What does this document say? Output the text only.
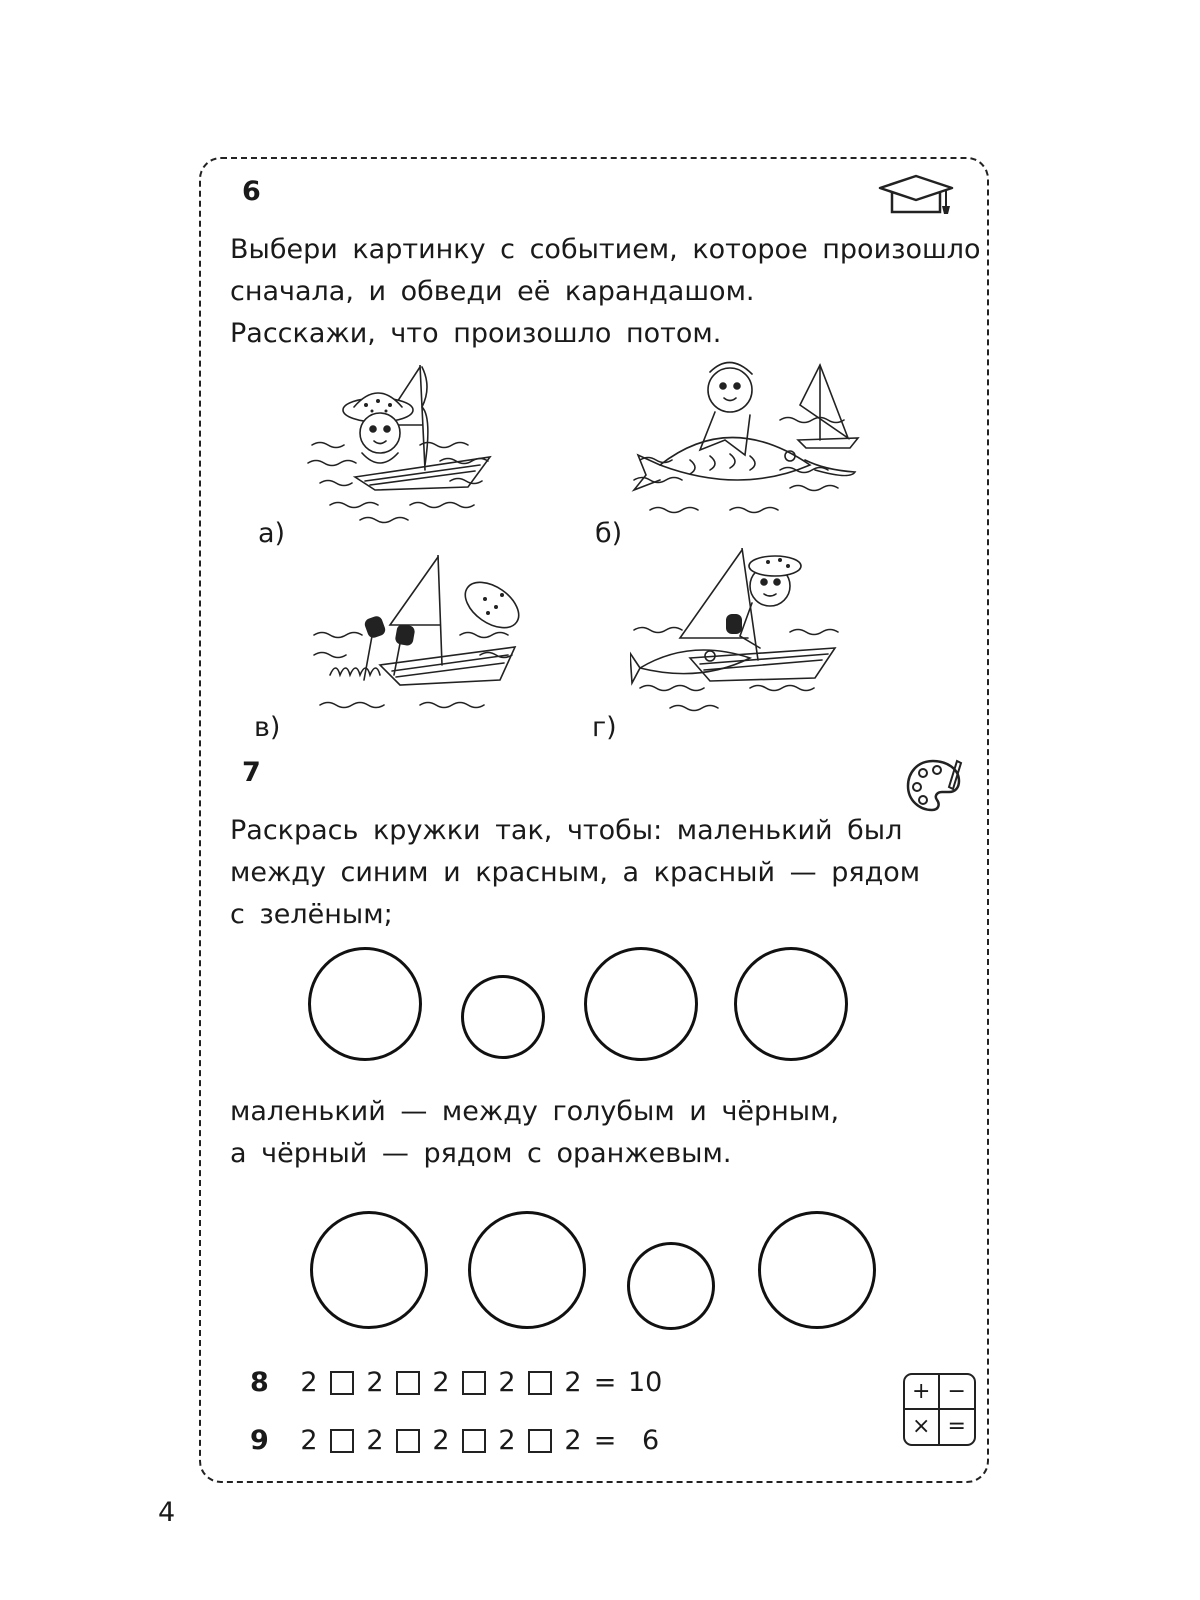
6

Выбери картинку с событием, которое произошло
сначала, и обведи её карандашом.
Расскажи, что произошло потом.

а)	б)
в)	г)
7

Раскрась кружки так, чтобы: маленький был
между синим и красным, а красный — рядом
с зелёным;

маленький — между голубым и чёрным,
а чёрный — рядом с оранжевым.

8 2 2 2 2 2 = 10
9 2 2 2 2 2 = 6
+ −
× =
4
